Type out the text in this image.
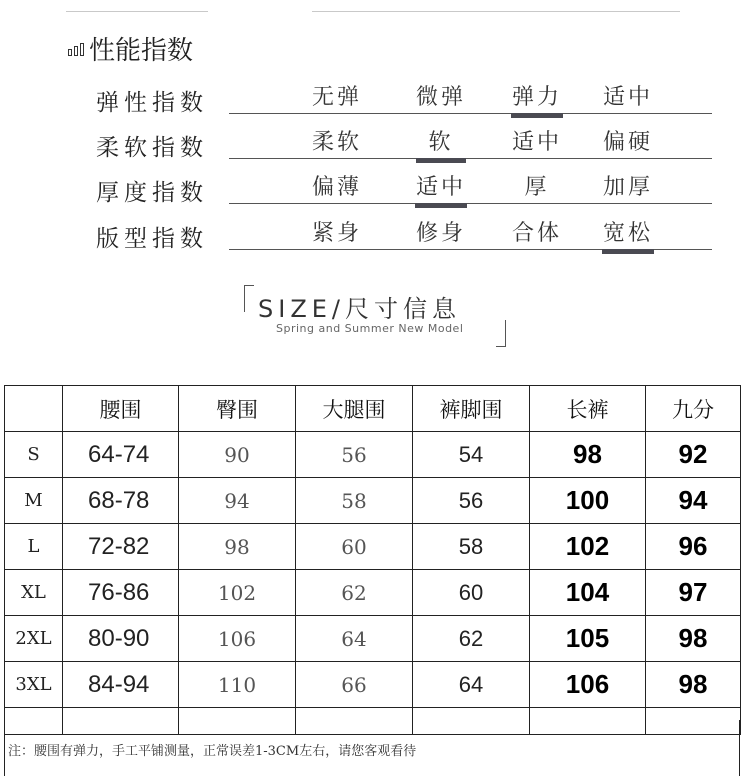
性能指数
弹性指数	无弹	微弹	弹力	适中
柔软指数	柔软	软	适中	偏硬
厚度指数	偏薄	适中	厚	加厚
版型指数	紧身	修身	合体	宽松
SIZE/尺寸信息
Spring and Summer New Model
	腰围	臀围	大腿围	裤脚围	长裤	九分
S	64-74	90	56	54	98	92
M	68-78	94	58	56	100	94
L	72-82	98	60	58	102	96
XL	76-86	102	62	60	104	97
2XL	80-90	106	64	62	105	98
3XL	84-94	110	66	64	106	98

注：腰围有弹力，手工平铺测量，正常误差1-3CM左右，请您客观看待
